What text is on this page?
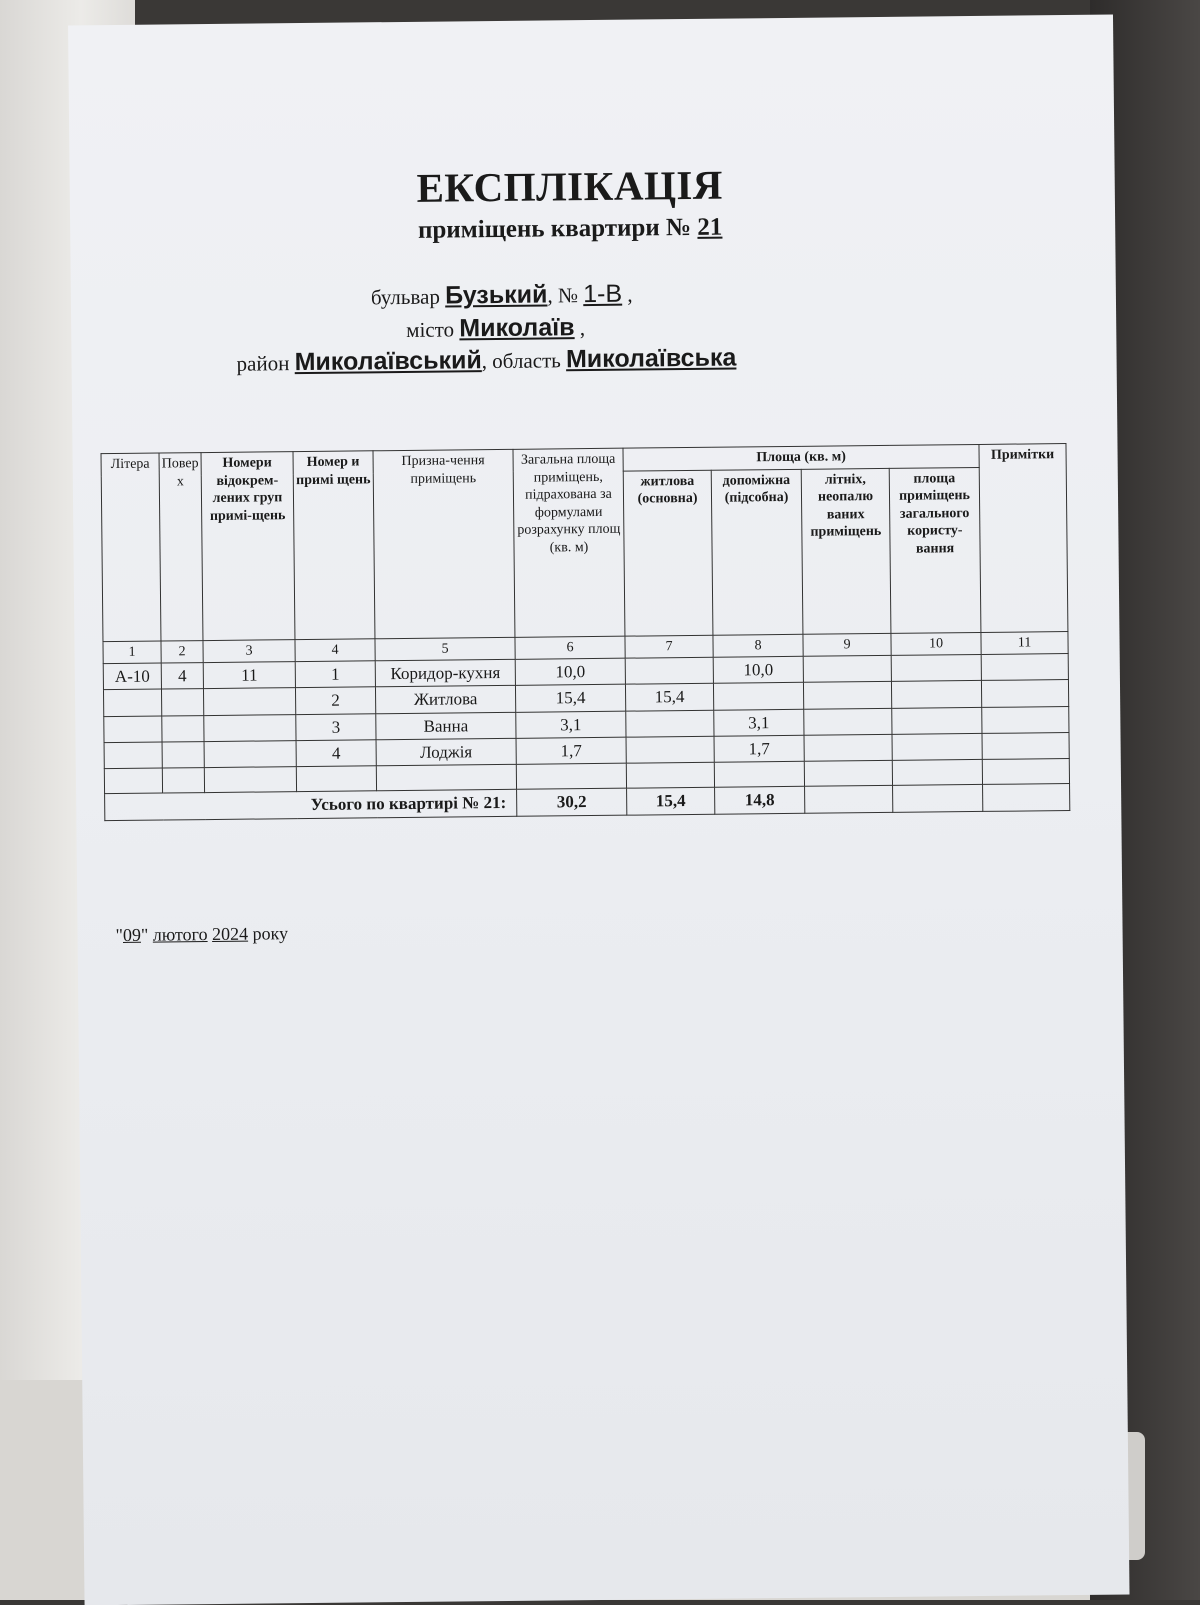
ЕКСПЛІКАЦІЯ
приміщень квартири № 21
бульвар Бузький, № 1-В ,
місто Миколаїв ,
район Миколаївський, область Миколаївська
Літера	Поверх	Номери відокрем-лених груп примі-щень	Номер и примі щень	Призна-чення приміщень	Загальна площа приміщень, підрахована за формулами розрахунку площ (кв. м)	Площа (кв. м)				Примітки
						житлова (основна)	допоміжна (підсобна)	літніх, неопалю ваних приміщень	площа приміщень загального користу-вання	
1	2	3	4	5	6	7	8	9	10	11
А-10	4	11	1	Коридор-кухня	10,0		10,0			
			2	Житлова	15,4	15,4				
			3	Ванна	3,1		3,1			
			4	Лоджія	1,7		1,7			

Усього по квартирі № 21:					30,2	15,4	14,8			
"09" лютого 2024 року
